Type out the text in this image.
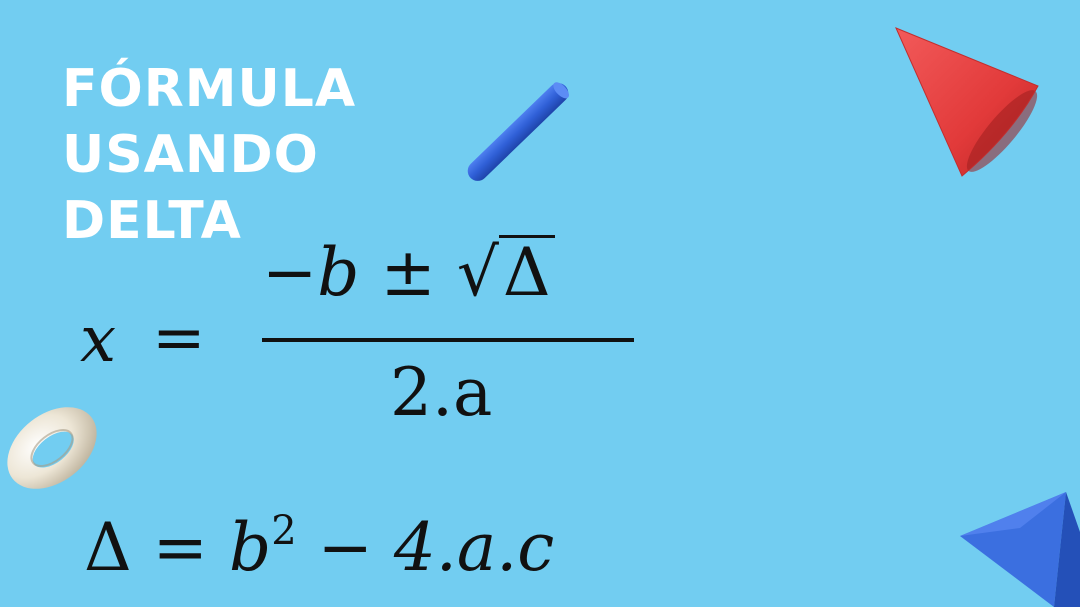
FÓRMULA
USANDO
DELTA
x =
−b ± √Δ
2.a
$\Delta = b^2 - 4.a.c$
